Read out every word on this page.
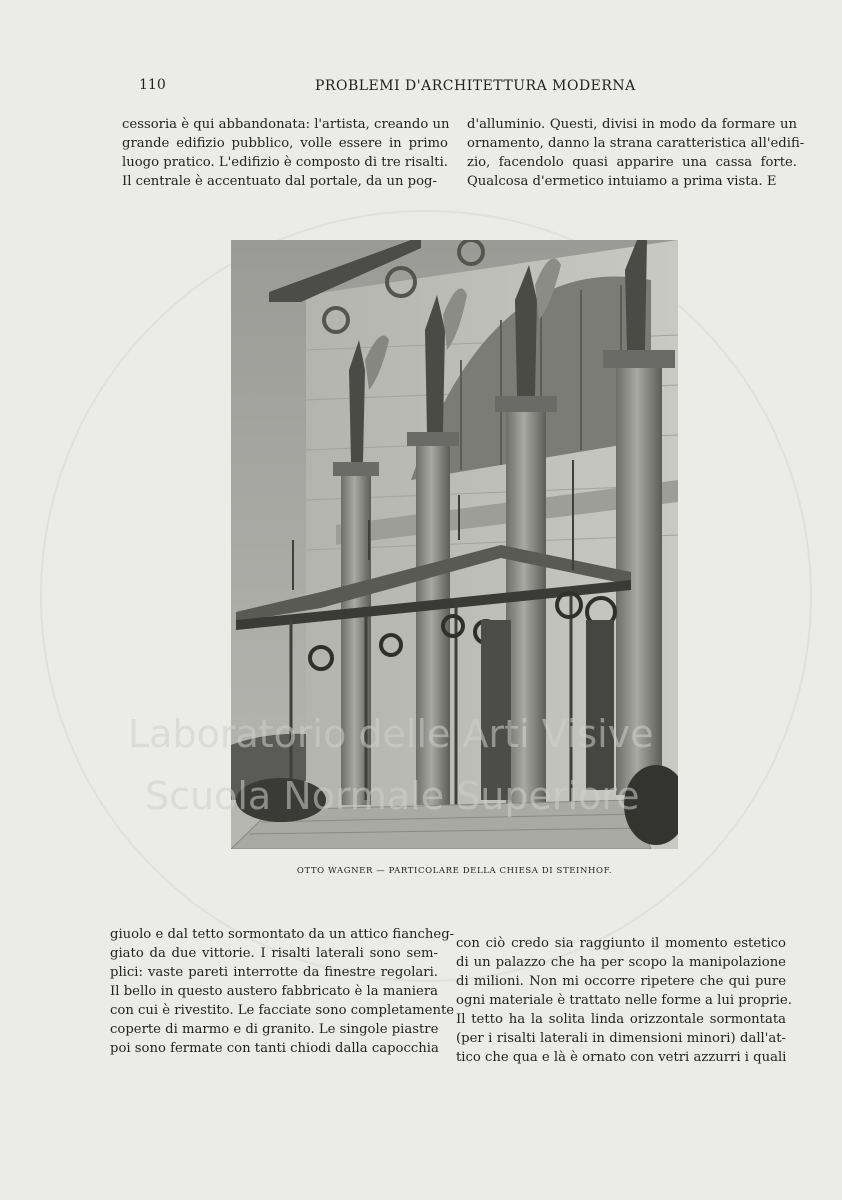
110	PROBLEMI D'ARCHITETTURA MODERNA
cessoria è qui abbandonata: l'artista, creando un
grande edifizio pubblico, volle essere in primo
luogo pratico. L'edifizio è composto di tre risalti.
Il centrale è accentuato dal portale, da un pog-
d'alluminio. Questi, divisi in modo da formare un
ornamento, danno la strana caratteristica all'edifi-
zio, facendolo quasi apparire una cassa forte.
Qualcosa d'ermetico intuiamo a prima vista. E
OTTO WAGNER — PARTICOLARE DELLA CHIESA DI STEINHOF.
giuolo e dal tetto sormontato da un attico fiancheg-
giato da due vittorie. I risalti laterali sono sem-
plici: vaste pareti interrotte da finestre regolari.
Il bello in questo austero fabbricato è la maniera
con cui è rivestito. Le facciate sono completamente
coperte di marmo e di granito. Le singole piastre
poi sono fermate con tanti chiodi dalla capocchia
con ciò credo sia raggiunto il momento estetico
di un palazzo che ha per scopo la manipolazione
di milioni. Non mi occorre ripetere che qui pure
ogni materiale è trattato nelle forme a lui proprie.
Il tetto ha la solita linda orizzontale sormontata
(per i risalti laterali in dimensioni minori) dall'at-
tico che qua e là è ornato con vetri azzurri i quali
Laboratorio delle Arti Visive
Scuola Normale Superiore
